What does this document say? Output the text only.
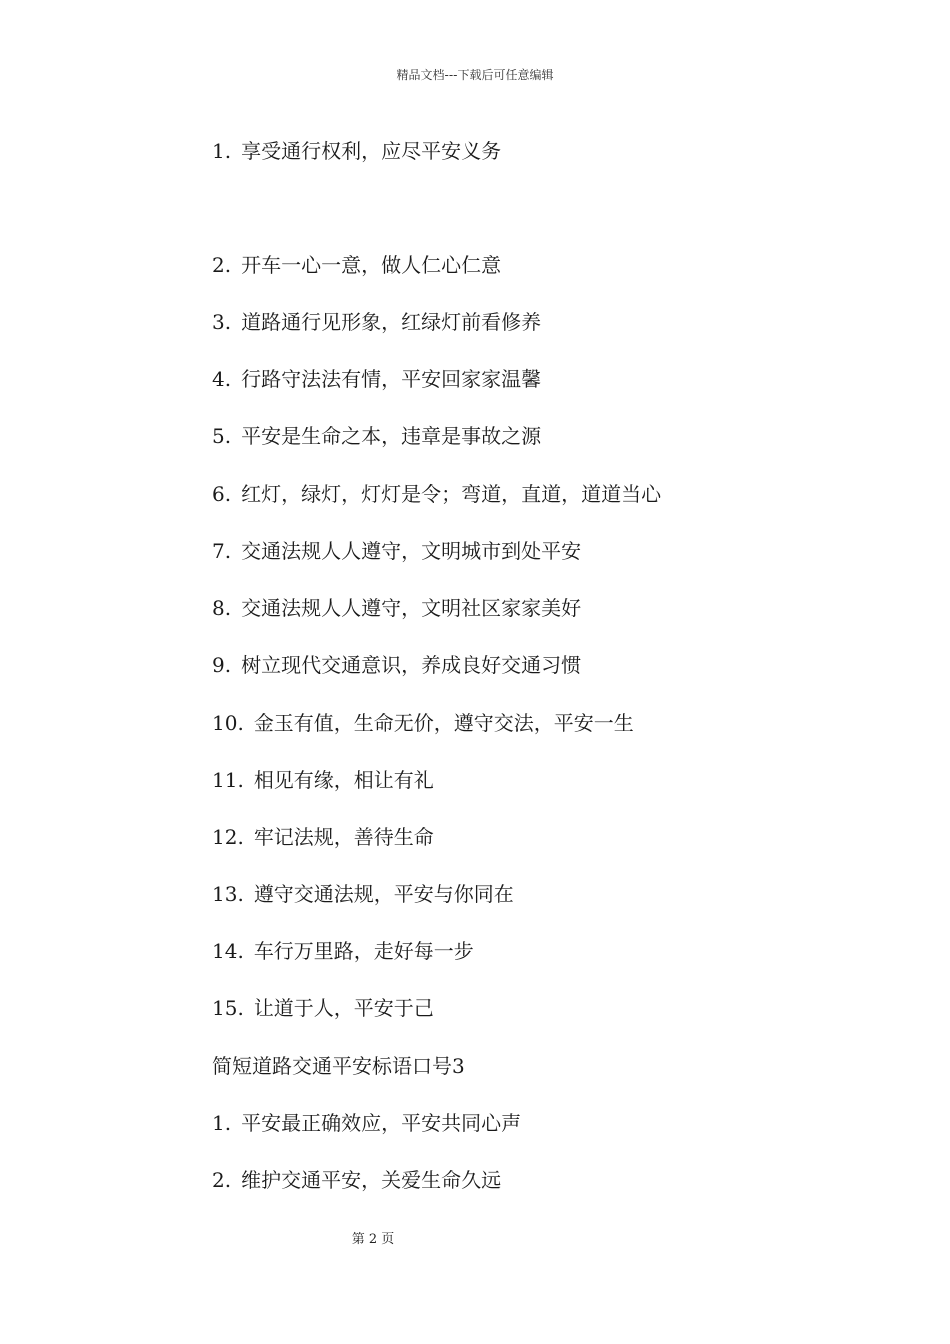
精品文档---下载后可任意编辑
1. 享受通行权利，应尽平安义务
2. 开车一心一意，做人仁心仁意
3. 道路通行见形象，红绿灯前看修养
4. 行路守法法有情，平安回家家温馨
5. 平安是生命之本，违章是事故之源
6. 红灯，绿灯，灯灯是令；弯道，直道，道道当心
7. 交通法规人人遵守，文明城市到处平安
8. 交通法规人人遵守，文明社区家家美好
9. 树立现代交通意识，养成良好交通习惯
10. 金玉有值，生命无价，遵守交法，平安一生
11. 相见有缘，相让有礼
12. 牢记法规，善待生命
13. 遵守交通法规，平安与你同在
14. 车行万里路，走好每一步
15. 让道于人，平安于己
简短道路交通平安标语口号3
1. 平安最正确效应，平安共同心声
2. 维护交通平安，关爱生命久远
第 2 页
